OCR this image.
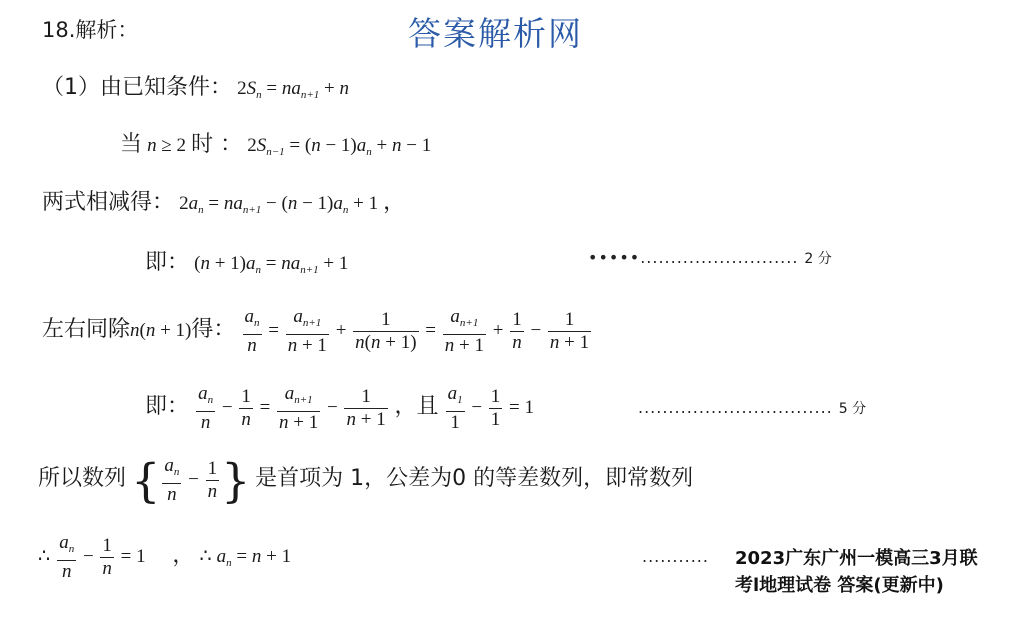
18.解析：	答案解析网
（1）由已知条件： $2S_n = na_{n+1} + n$
当 n ≥ 2 时 ： $2S_{n-1} = (n - 1)a_n + n - 1$
两式相减得： $2a_n = na_{n+1} - (n - 1)a_n + 1$ ，
即： $(n + 1)a_n = na_{n+1} + 1$	•••••.......................... 2 分
左右同除n(n + 1)得： $\frac{a_n}{n} = \frac{a_{n+1}}{n + 1} + \frac{1}{n(n + 1)} = \frac{a_{n+1}}{n + 1} + \frac{1}{n} - \frac{1}{n + 1}$
即： $\frac{a_n}{n} - \frac{1}{n} = \frac{a_{n+1}}{n + 1} - \frac{1}{n + 1}$ ，且 $\frac{a_1}{1} - \frac{1}{1} = 1$	................................ 5 分
所以数列 { $\frac{a_n}{n} - \frac{1}{n}$ } 是首项为 1，公差为0 的等差数列，即常数列
∴ $\frac{a_n}{n} - \frac{1}{n} = 1$ ， ∴ $a_n = n + 1$	........... 2023广东广州一模高三3月联
考l地理试卷 答案(更新中)
